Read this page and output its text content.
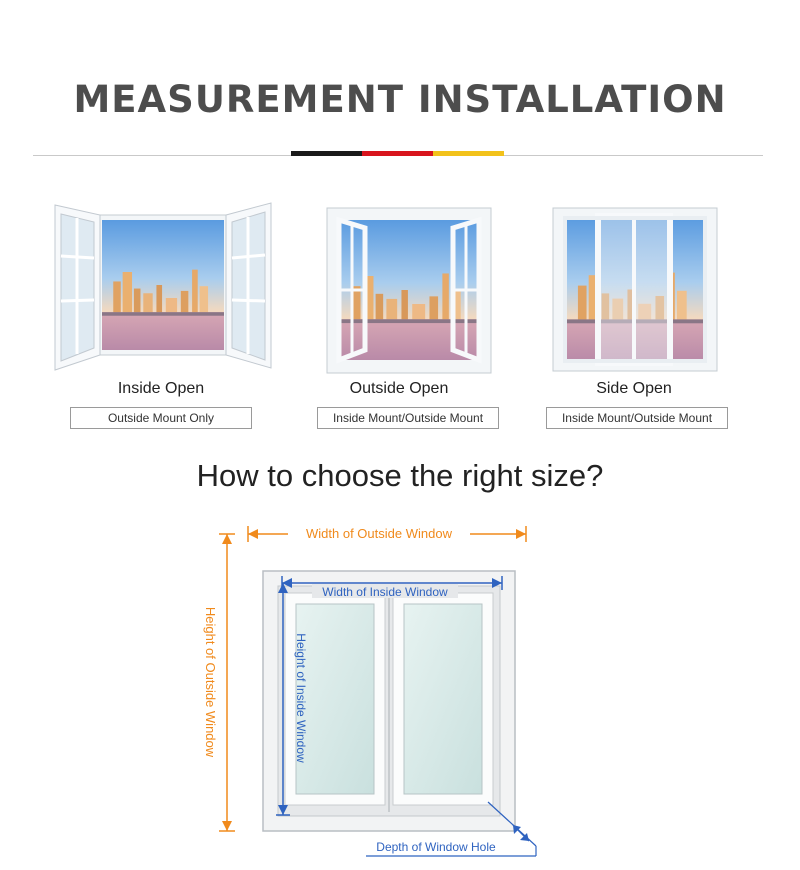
MEASUREMENT INSTALLATION
Inside Open
Outside Mount Only
Outside Open
Inside Mount/Outside Mount
Side Open
Inside Mount/Outside Mount
How to choose the right size?
Width of Outside Window
Height of Outside Window
Width of Inside Window
Height of Inside Window
Depth of Window Hole
